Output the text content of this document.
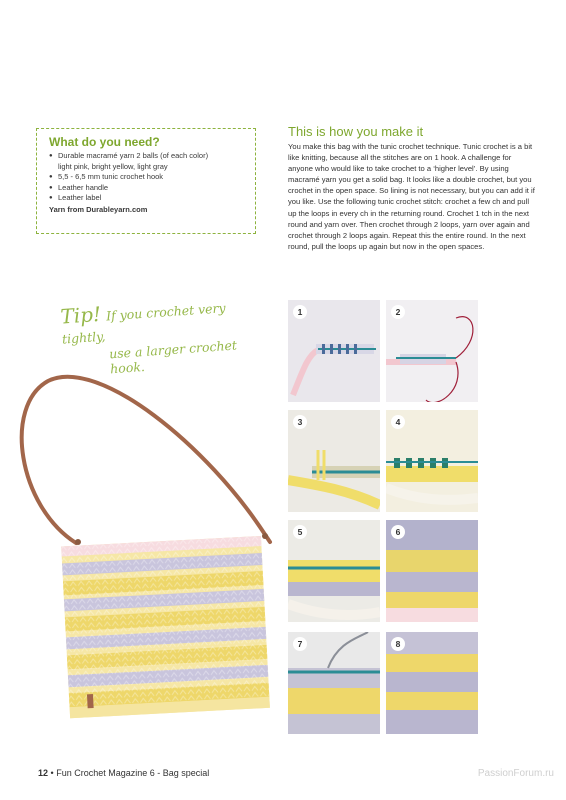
What do you need?
● Durable macramé yarn 2 balls (of each color)
light pink, bright yellow, light gray
● 5,5 - 6,5 mm tunic crochet hook
● Leather handle
● Leather label
Yarn from Durableyarn.com
This is how you make it

You make this bag with the tunic crochet technique. Tunic crochet is a bit like knitting, because all the stitches are on 1 hook. A challenge for anyone who would like to take crochet to a ‘higher level’. By using macramé yarn you get a solid bag. It looks like a double crochet, but you crochet in the open space. So lining is not necessary, but you can add it if you like. Use the following tunic crochet stitch: crochet a few ch and pull up the loops in every ch in the returning round. Crochet 1 tch in the next round and yarn over. Then crochet through 2 loops, yarn over again and crochet through 2 loops again. Repeat this the entire round. In the next round, pull the loops up again but now in the open spaces.

Tip! If you crochet very tightly, use a larger crochet hook.
1	2
3	4
5	6
7	8
12 • Fun Crochet Magazine 6 - Bag special	PassionForum.ru
